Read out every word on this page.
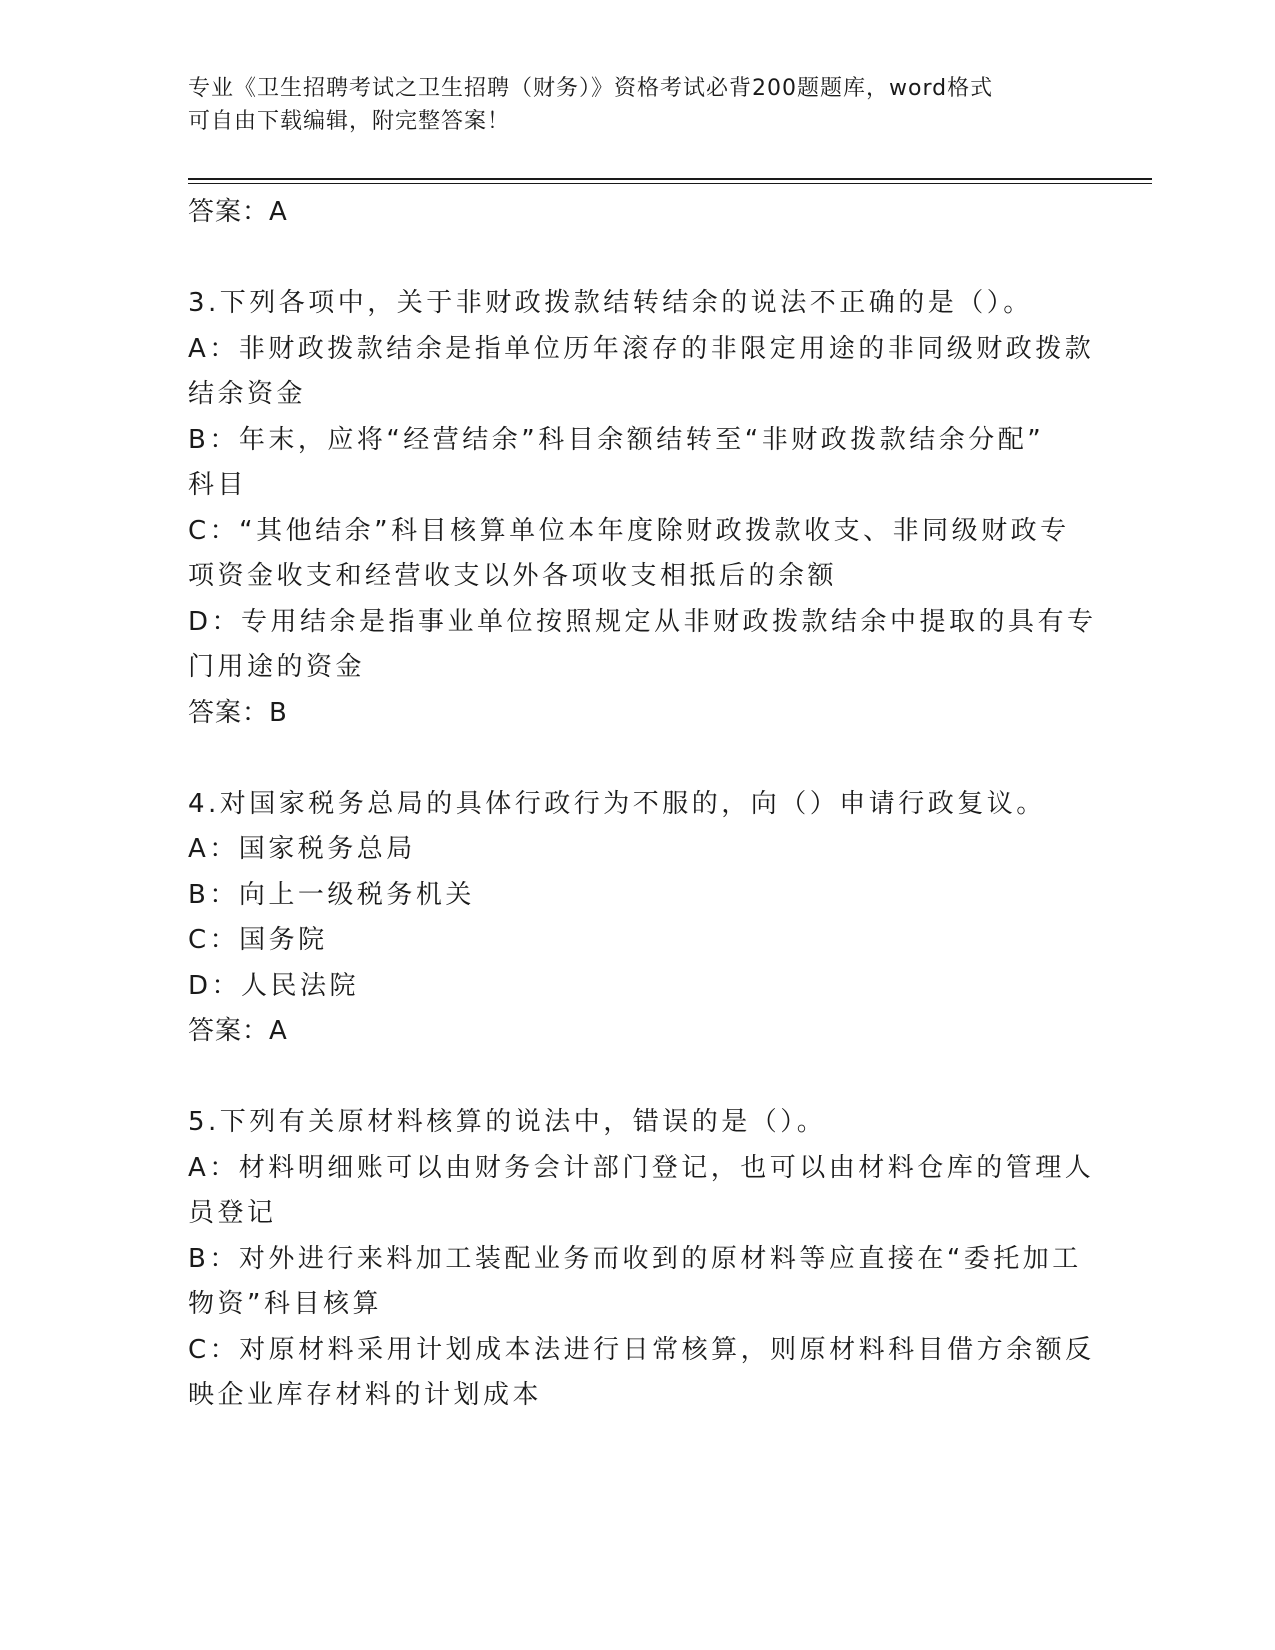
专业《卫生招聘考试之卫生招聘（财务）》资格考试必背200题题库，word格式
可自由下载编辑，附完整答案！
答案：A
3.下列各项中，关于非财政拨款结转结余的说法不正确的是（）。
A：非财政拨款结余是指单位历年滚存的非限定用途的非同级财政拨款
结余资金
B：年末，应将“经营结余”科目余额结转至“非财政拨款结余分配”
科目
C：“其他结余”科目核算单位本年度除财政拨款收支、非同级财政专
项资金收支和经营收支以外各项收支相抵后的余额
D：专用结余是指事业单位按照规定从非财政拨款结余中提取的具有专
门用途的资金
答案：B
4.对国家税务总局的具体行政行为不服的，向（）申请行政复议。
A：国家税务总局
B：向上一级税务机关
C：国务院
D：人民法院
答案：A
5.下列有关原材料核算的说法中，错误的是（）。
A：材料明细账可以由财务会计部门登记，也可以由材料仓库的管理人
员登记
B：对外进行来料加工装配业务而收到的原材料等应直接在“委托加工
物资”科目核算
C：对原材料采用计划成本法进行日常核算，则原材料科目借方余额反
映企业库存材料的计划成本
